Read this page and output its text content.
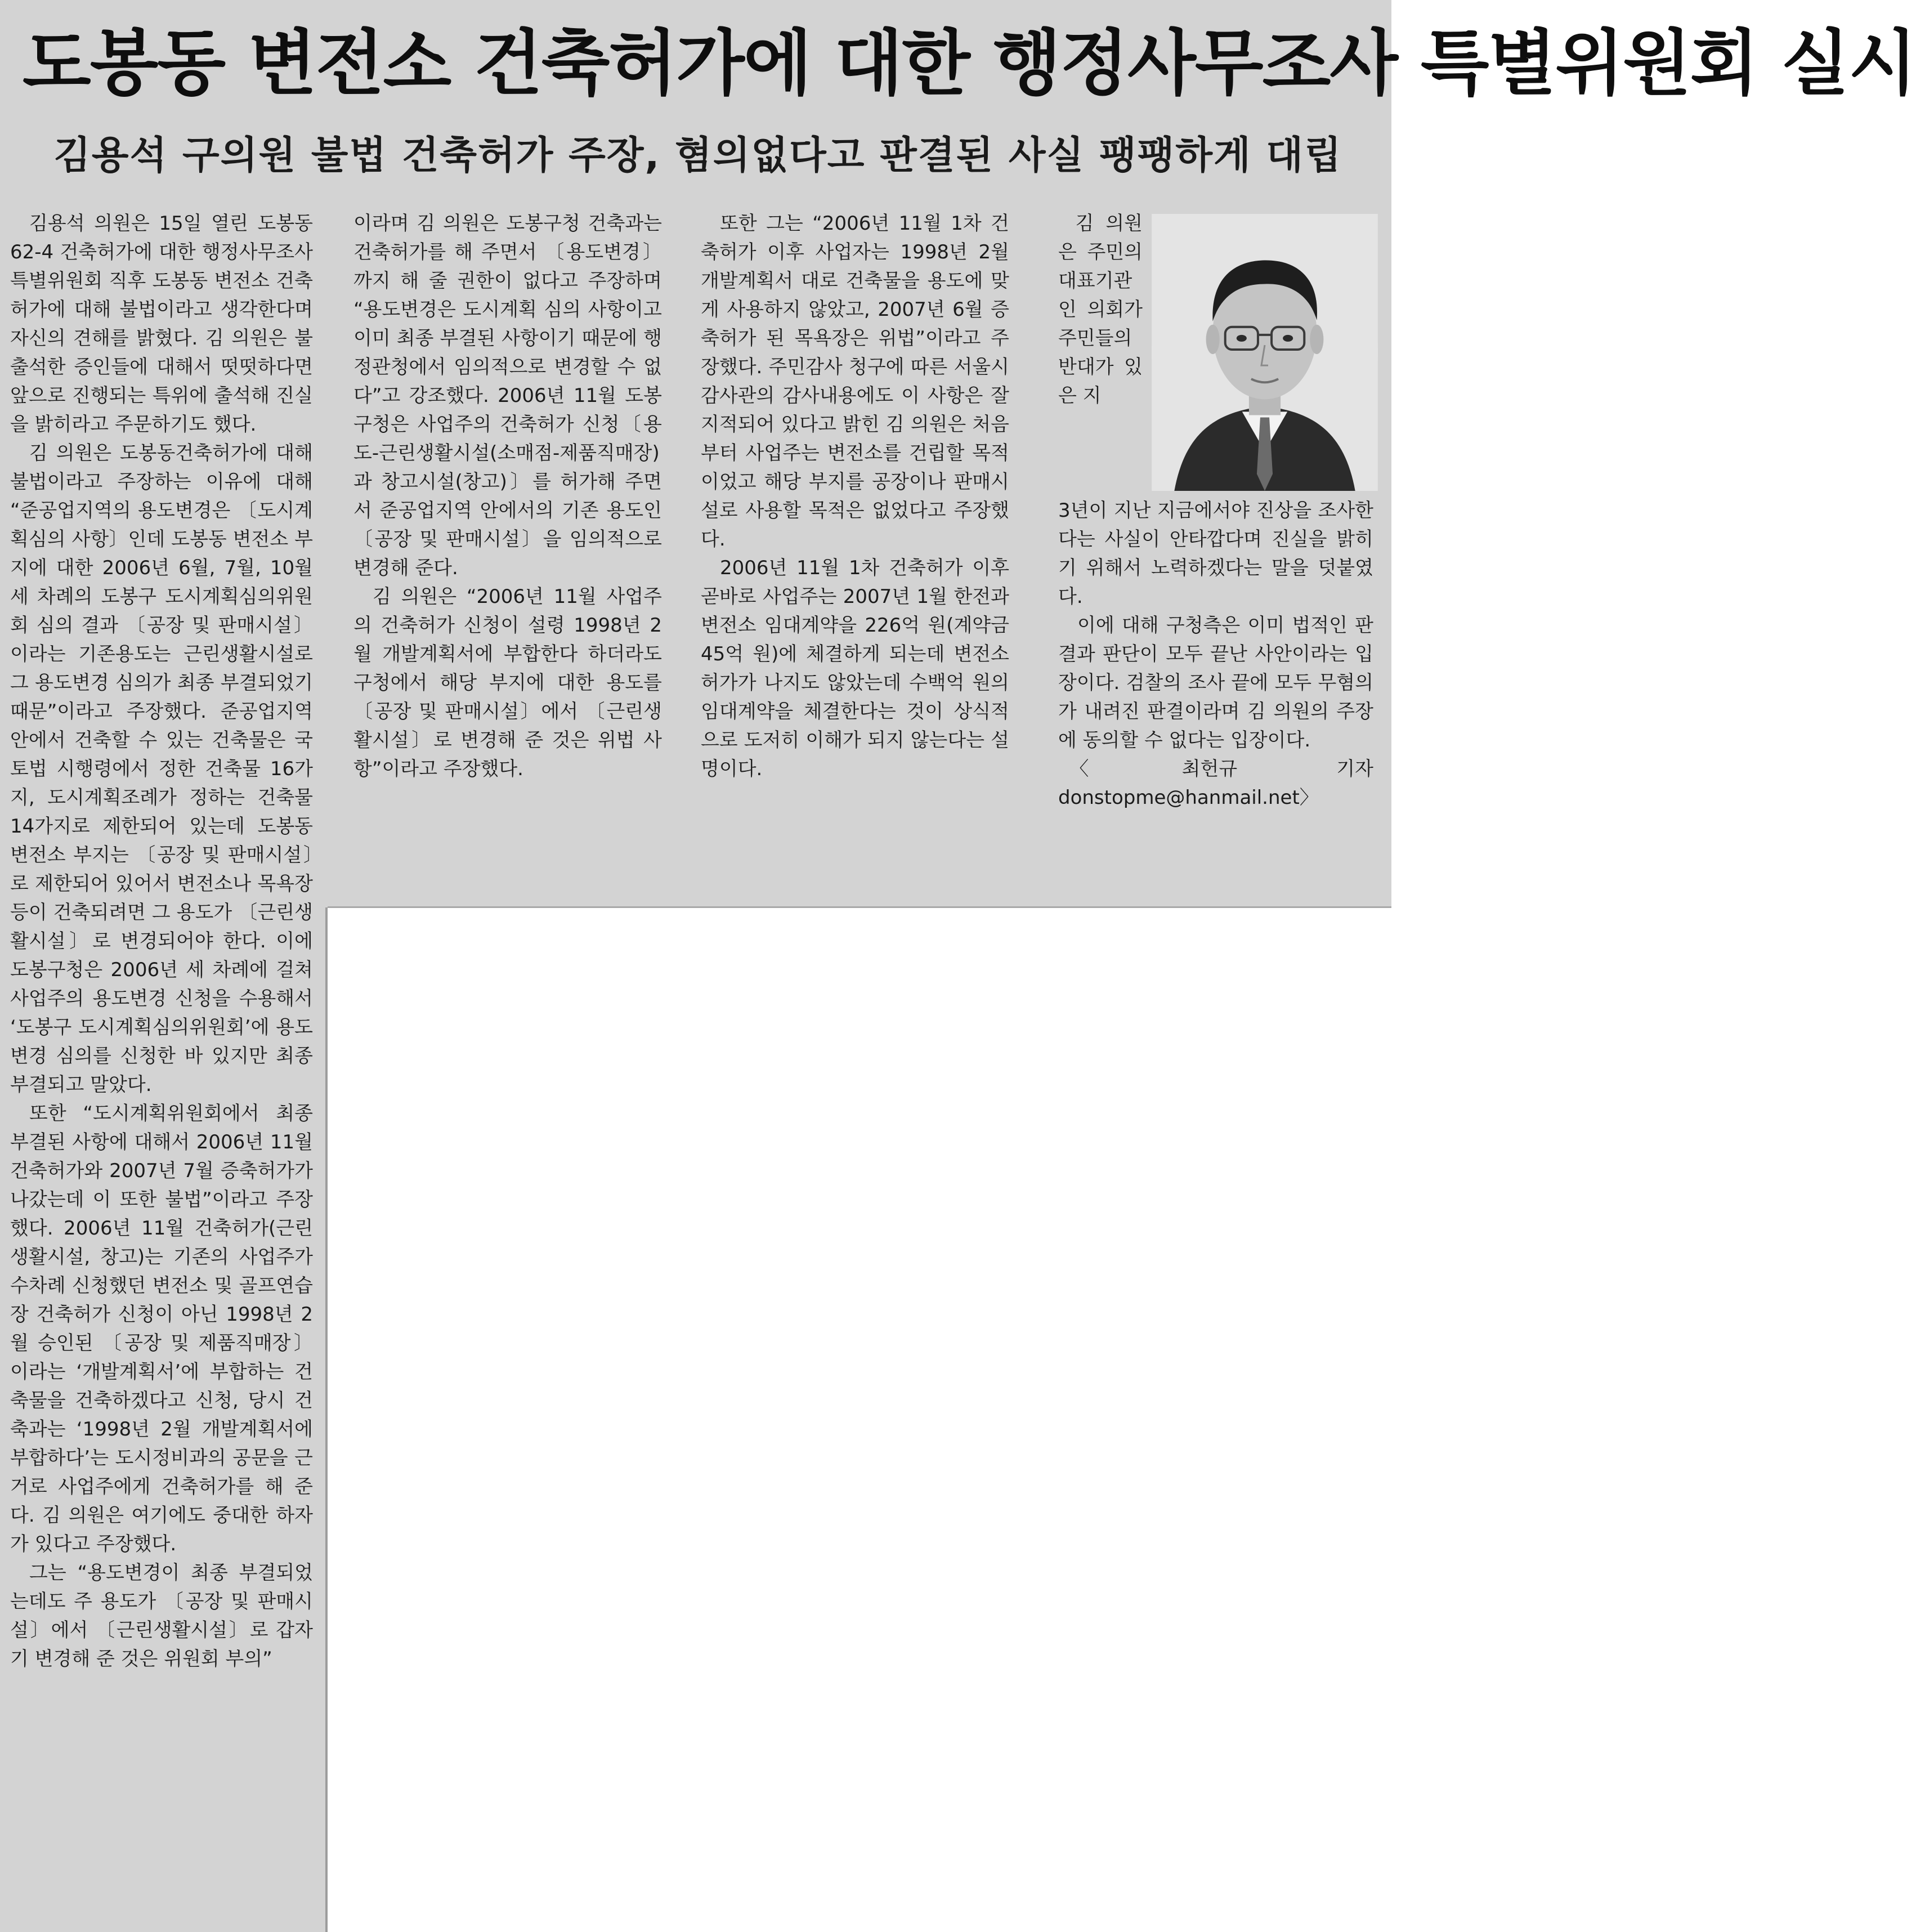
도봉동 변전소 건축허가에 대한 행정사무조사 특별위원회 실시
김용석 구의원 불법 건축허가 주장, 혐의없다고 판결된 사실 팽팽하게 대립

김용석 의원은 15일 열린 도봉동 62-4 건축허가에 대한 행정사무조사 특별위원회 직후 도봉동 변전소 건축허가에 대해 불법이라고 생각한다며 자신의 견해를 밝혔다. 김 의원은 불출석한 증인들에 대해서 떳떳하다면 앞으로 진행되는 특위에 출석해 진실을 밝히라고 주문하기도 했다.

김 의원은 도봉동건축허가에 대해 불법이라고 주장하는 이유에 대해 “준공업지역의 용도변경은 〔도시계획심의 사항〕인데 도봉동 변전소 부지에 대한 2006년 6월, 7월, 10월 세 차례의 도봉구 도시계획심의위원회 심의 결과 〔공장 및 판매시설〕이라는 기존용도는 근린생활시설로 그 용도변경 심의가 최종 부결되었기 때문”이라고 주장했다. 준공업지역 안에서 건축할 수 있는 건축물은 국토법 시행령에서 정한 건축물 16가지, 도시계획조례가 정하는 건축물 14가지로 제한되어 있는데 도봉동 변전소 부지는 〔공장 및 판매시설〕로 제한되어 있어서 변전소나 목욕장 등이 건축되려면 그 용도가 〔근린생활시설〕로 변경되어야 한다. 이에 도봉구청은 2006년 세 차례에 걸쳐 사업주의 용도변경 신청을 수용해서 ‘도봉구 도시계획심의위원회’에 용도변경 심의를 신청한 바 있지만 최종 부결되고 말았다.

또한 “도시계획위원회에서 최종 부결된 사항에 대해서 2006년 11월 건축허가와 2007년 7월 증축허가가 나갔는데 이 또한 불법”이라고 주장했다. 2006년 11월 건축허가(근린생활시설, 창고)는 기존의 사업주가 수차례 신청했던 변전소 및 골프연습장 건축허가 신청이 아닌 1998년 2월 승인된 〔공장 및 제품직매장〕이라는 ‘개발계획서’에 부합하는 건축물을 건축하겠다고 신청, 당시 건축과는 ‘1998년 2월 개발계획서에 부합하다’는 도시정비과의 공문을 근거로 사업주에게 건축허가를 해 준다. 김 의원은 여기에도 중대한 하자가 있다고 주장했다.

그는 “용도변경이 최종 부결되었는데도 주 용도가 〔공장 및 판매시설〕에서 〔근린생활시설〕로 갑자기 변경해 준 것은 위원회 부의”

이라며 김 의원은 도봉구청 건축과는 건축허가를 해 주면서 〔용도변경〕까지 해 줄 권한이 없다고 주장하며 “용도변경은 도시계획 심의 사항이고 이미 최종 부결된 사항이기 때문에 행정관청에서 임의적으로 변경할 수 없다”고 강조했다. 2006년 11월 도봉구청은 사업주의 건축허가 신청〔용도-근린생활시설(소매점-제품직매장)과 창고시설(창고)〕를 허가해 주면서 준공업지역 안에서의 기존 용도인 〔공장 및 판매시설〕을 임의적으로 변경해 준다.

김 의원은 “2006년 11월 사업주의 건축허가 신청이 설령 1998년 2월 개발계획서에 부합한다 하더라도 구청에서 해당 부지에 대한 용도를 〔공장 및 판매시설〕에서 〔근린생활시설〕로 변경해 준 것은 위법 사항”이라고 주장했다.

또한 그는 “2006년 11월 1차 건축허가 이후 사업자는 1998년 2월 개발계획서 대로 건축물을 용도에 맞게 사용하지 않았고, 2007년 6월 증축허가 된 목욕장은 위법”이라고 주장했다. 주민감사 청구에 따른 서울시 감사관의 감사내용에도 이 사항은 잘 지적되어 있다고 밝힌 김 의원은 처음부터 사업주는 변전소를 건립할 목적이었고 해당 부지를 공장이나 판매시설로 사용할 목적은 없었다고 주장했다.

2006년 11월 1차 건축허가 이후 곧바로 사업주는 2007년 1월 한전과 변전소 임대계약을 226억 원(계약금 45억 원)에 체결하게 되는데 변전소 허가가 나지도 않았는데 수백억 원의 임대계약을 체결한다는 것이 상식적으로 도저히 이해가 되지 않는다는 설명이다.

김 의원은 주민의 대표기관인 의회가 주민들의 반대가 있은 지

3년이 지난 지금에서야 진상을 조사한다는 사실이 안타깝다며 진실을 밝히기 위해서 노력하겠다는 말을 덧붙였다.

이에 대해 구청측은 이미 법적인 판결과 판단이 모두 끝난 사안이라는 입장이다. 검찰의 조사 끝에 모두 무혐의가 내려진 판결이라며 김 의원의 주장에 동의할 수 없다는 입장이다.

〈최헌규 기자 donstopme@hanmail.net〉
